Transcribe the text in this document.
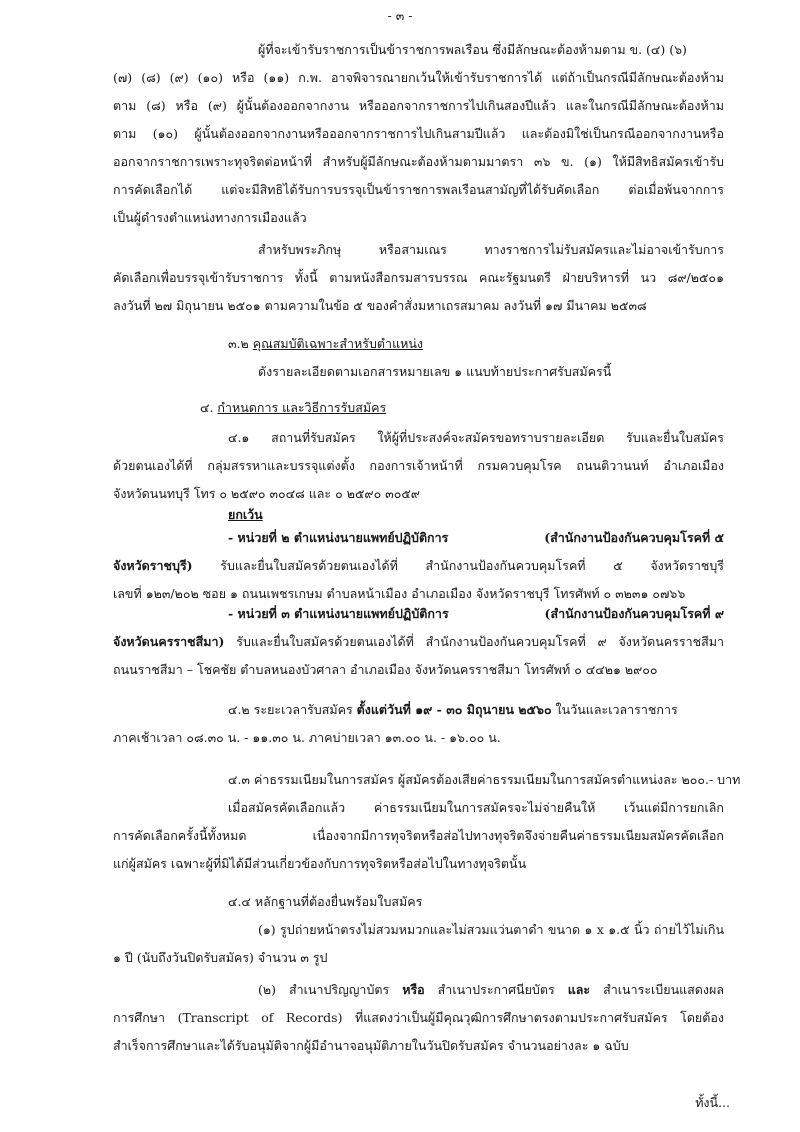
- ๓ -
ผู้ที่จะเข้ารับราชการเป็นข้าราชการพลเรือน ซึ่งมีลักษณะต้องห้ามตาม ข. (๔) (๖)
(๗) (๘) (๙) (๑๐) หรือ (๑๑) ก.พ. อาจพิจารณายกเว้นให้เข้ารับราชการได้ แต่ถ้าเป็นกรณีมีลักษณะต้องห้าม
ตาม (๘) หรือ (๙) ผู้นั้นต้องออกจากงาน หรือออกจากราชการไปเกินสองปีแล้ว และในกรณีมีลักษณะต้องห้าม
ตาม (๑๐) ผู้นั้นต้องออกจากงานหรือออกจากราชการไปเกินสามปีแล้ว และต้องมิใช่เป็นกรณีออกจากงานหรือ
ออกจากราชการเพราะทุจริตต่อหน้าที่ สำหรับผู้มีลักษณะต้องห้ามตามมาตรา ๓๖ ข. (๑) ให้มีสิทธิสมัครเข้ารับ
การคัดเลือกได้ แต่จะมีสิทธิได้รับการบรรจุเป็นข้าราชการพลเรือนสามัญที่ได้รับคัดเลือก ต่อเมื่อพ้นจากการ
เป็นผู้ดำรงตำแหน่งทางการเมืองแล้ว
สำหรับพระภิกษุ หรือสามเณร ทางราชการไม่รับสมัครและไม่อาจเข้ารับการ
คัดเลือกเพื่อบรรจุเข้ารับราชการ ทั้งนี้ ตามหนังสือกรมสารบรรณ คณะรัฐมนตรี ฝ่ายบริหารที่ นว ๘๙/๒๕๐๑
ลงวันที่ ๒๗ มิถุนายน ๒๕๐๑ ตามความในข้อ ๕ ของคำสั่งมหาเถรสมาคม ลงวันที่ ๑๗ มีนาคม ๒๕๓๘
๓.๒ คุณสมบัติเฉพาะสำหรับตำแหน่ง
ดังรายละเอียดตามเอกสารหมายเลข ๑ แนบท้ายประกาศรับสมัครนี้
๔. กำหนดการ และวิธีการรับสมัคร
๔.๑ สถานที่รับสมัคร ให้ผู้ที่ประสงค์จะสมัครขอทราบรายละเอียด รับและยื่นใบสมัคร
ด้วยตนเองได้ที่ กลุ่มสรรหาและบรรจุแต่งตั้ง กองการเจ้าหน้าที่ กรมควบคุมโรค ถนนติวานนท์ อำเภอเมือง
จังหวัดนนทบุรี โทร ๐ ๒๕๙๐ ๓๐๔๘ และ ๐ ๒๕๙๐ ๓๐๕๙
ยกเว้น
- หน่วยที่ ๒ ตำแหน่งนายแพทย์ปฏิบัติการ	(สำนักงานป้องกันควบคุมโรคที่ ๕
จังหวัดราชบุรี) รับและยื่นใบสมัครด้วยตนเองได้ที่ สำนักงานป้องกันควบคุมโรคที่ ๕ จังหวัดราชบุรี
เลขที่ ๑๒๓/๒๐๒ ซอย ๑ ถนนเพชรเกษม ตำบลหน้าเมือง อำเภอเมือง จังหวัดราชบุรี โทรศัพท์ ๐ ๓๒๓๑ ๐๗๖๖
- หน่วยที่ ๓ ตำแหน่งนายแพทย์ปฏิบัติการ	(สำนักงานป้องกันควบคุมโรคที่ ๙
จังหวัดนครราชสีมา) รับและยื่นใบสมัครด้วยตนเองได้ที่ สำนักงานป้องกันควบคุมโรคที่ ๙ จังหวัดนครราชสีมา
ถนนราชสีมา – โชคชัย ตำบลหนองบัวศาลา อำเภอเมือง จังหวัดนครราชสีมา โทรศัพท์ ๐ ๔๔๒๑ ๒๙๐๐
๔.๒ ระยะเวลารับสมัคร ตั้งแต่วันที่ ๑๙ - ๓๐ มิถุนายน ๒๕๖๐ ในวันและเวลาราชการ
ภาคเช้าเวลา ๐๘.๓๐ น. - ๑๑.๓๐ น. ภาคบ่ายเวลา ๑๓.๐๐ น. - ๑๖.๐๐ น.
๔.๓ ค่าธรรมเนียมในการสมัคร ผู้สมัครต้องเสียค่าธรรมเนียมในการสมัครตำแหน่งละ ๒๐๐.- บาท
เมื่อสมัครคัดเลือกแล้ว ค่าธรรมเนียมในการสมัครจะไม่จ่ายคืนให้ เว้นแต่มีการยกเลิก
การคัดเลือกครั้งนี้ทั้งหมด เนื่องจากมีการทุจริตหรือส่อไปทางทุจริตจึงจ่ายคืนค่าธรรมเนียมสมัครคัดเลือก
แก่ผู้สมัคร เฉพาะผู้ที่มิได้มีส่วนเกี่ยวข้องกับการทุจริตหรือส่อไปในทางทุจริตนั้น
๔.๔ หลักฐานที่ต้องยื่นพร้อมใบสมัคร
(๑) รูปถ่ายหน้าตรงไม่สวมหมวกและไม่สวมแว่นตาดำ ขนาด ๑ x ๑.๕ นิ้ว ถ่ายไว้ไม่เกิน
๑ ปี (นับถึงวันปิดรับสมัคร) จำนวน ๓ รูป
(๒) สำเนาปริญญาบัตร หรือ สำเนาประกาศนียบัตร และ สำเนาระเบียนแสดงผล
การศึกษา (Transcript of Records) ที่แสดงว่าเป็นผู้มีคุณวุฒิการศึกษาตรงตามประกาศรับสมัคร โดยต้อง
สำเร็จการศึกษาและได้รับอนุมัติจากผู้มีอำนาจอนุมัติภายในวันปิดรับสมัคร จำนวนอย่างละ ๑ ฉบับ
ทั้งนี้...
